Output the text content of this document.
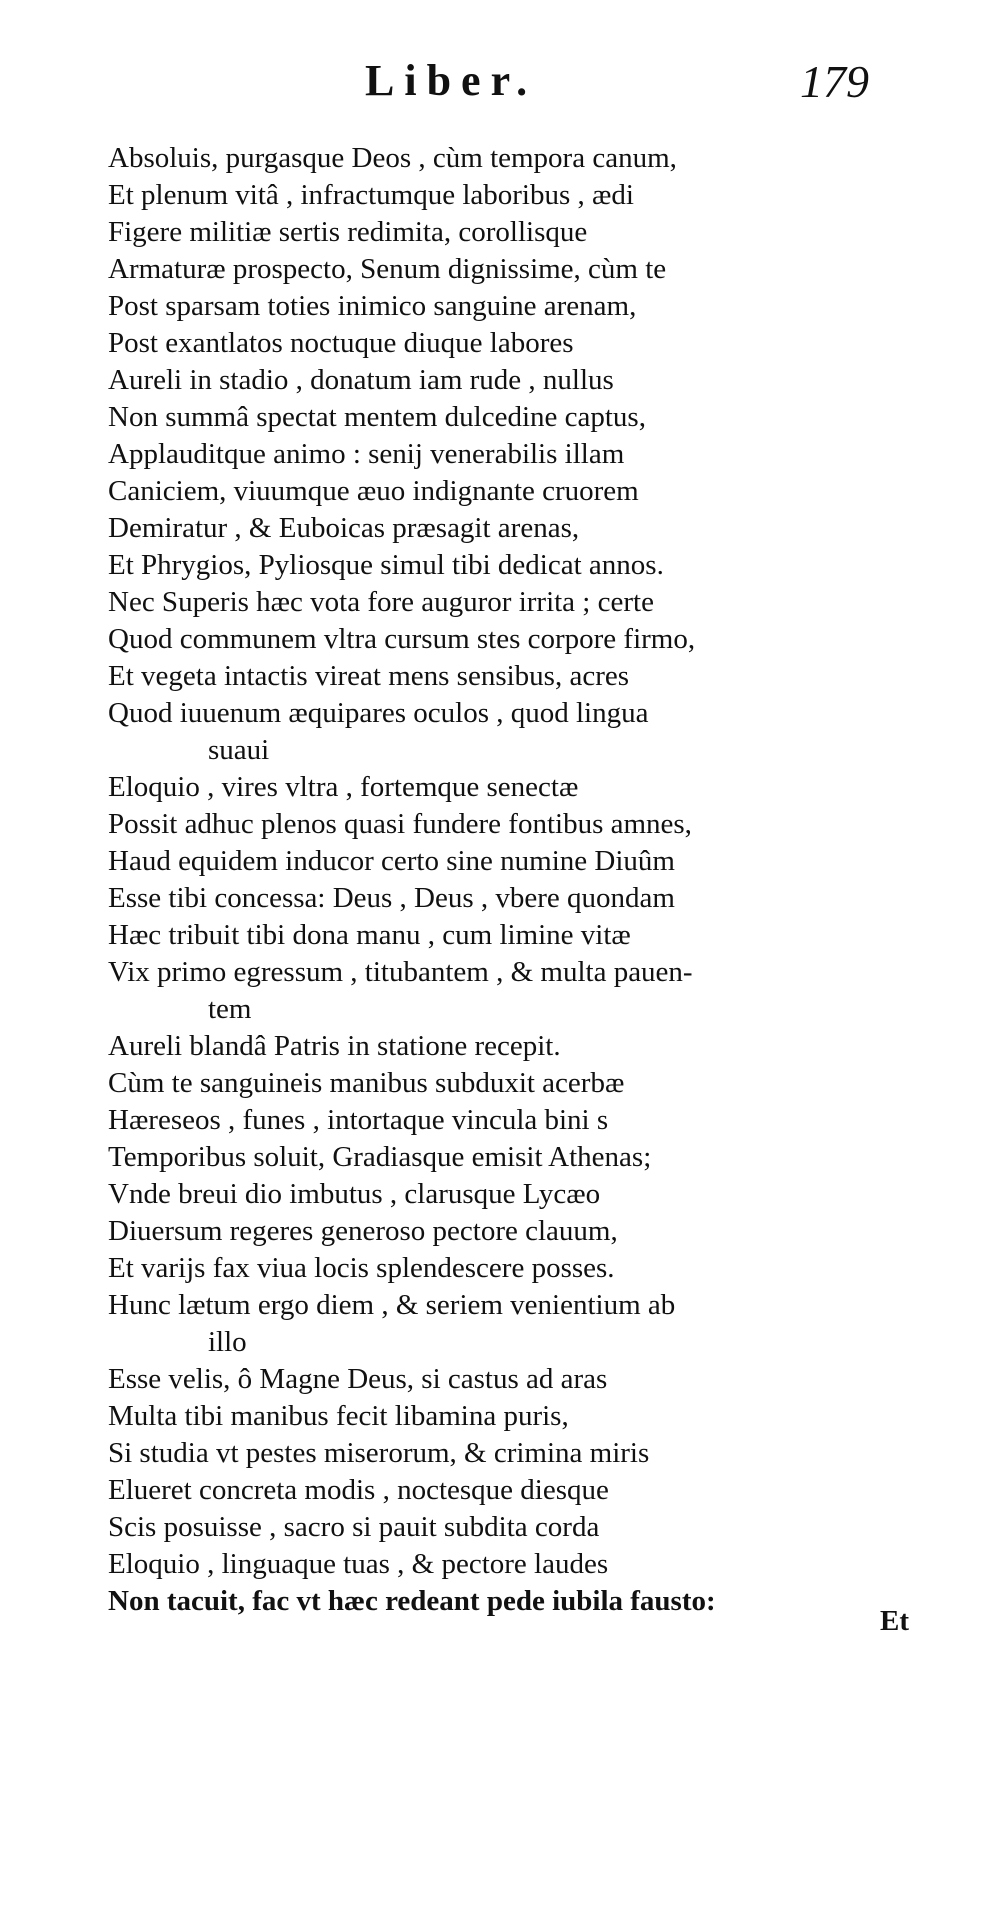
Liber.	179
Absoluis, purgasque Deos , cùm tempora canum,
Et plenum vitâ , infractumque laboribus , ædi
Figere militiæ sertis redimita, corollisque
Armaturæ prospecto, Senum dignissime, cùm te
Post sparsam toties inimico sanguine arenam,
Post exantlatos noctuque diuque labores
Aureli in stadio , donatum iam rude , nullus
Non summâ spectat mentem dulcedine captus,
Applauditque animo : senij venerabilis illam
Caniciem, viuumque æuo indignante cruorem
Demiratur , & Euboicas præsagit arenas,
Et Phrygios, Pyliosque simul tibi dedicat annos.
Nec Superis hæc vota fore auguror irrita ; certe
Quod communem vltra cursum stes corpore firmo,
Et vegeta intactis vireat mens sensibus, acres
Quod iuuenum æquipares oculos , quod lingua
suaui
Eloquio , vires vltra , fortemque senectæ
Possit adhuc plenos quasi fundere fontibus amnes,
Haud equidem inducor certo sine numine Diuûm
Esse tibi concessa: Deus , Deus , vbere quondam
Hæc tribuit tibi dona manu , cum limine vitæ
Vix primo egressum , titubantem , & multa pauen-
tem
Aureli blandâ Patris in statione recepit.
Cùm te sanguineis manibus subduxit acerbæ
Hæreseos , funes , intortaque vincula bini s
Temporibus soluit, Gradiasque emisit Athenas;
Vnde breui dio imbutus , clarusque Lycæo
Diuersum regeres generoso pectore clauum,
Et varijs fax viua locis splendescere posses.
Hunc lætum ergo diem , & seriem venientium ab
illo
Esse velis, ô Magne Deus, si castus ad aras
Multa tibi manibus fecit libamina puris,
Si studia vt pestes miserorum, & crimina miris
Elueret concreta modis , noctesque diesque
Scis posuisse , sacro si pauit subdita corda
Eloquio , linguaque tuas , & pectore laudes
Non tacuit, fac vt hæc redeant pede iubila fausto:
Et
